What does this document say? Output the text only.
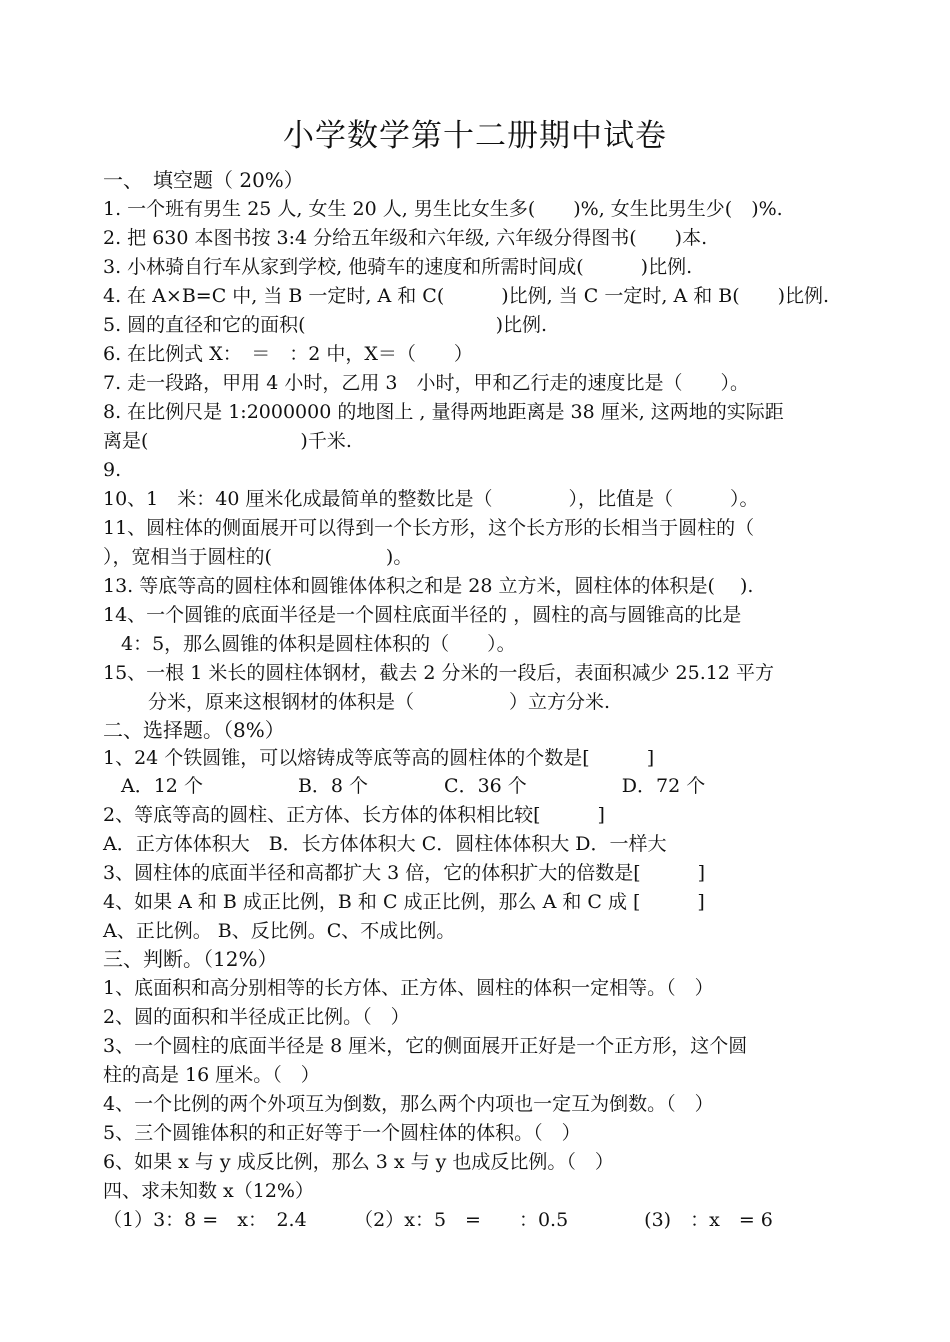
小学数学第十二册期中试卷
一、　填空题（ 20%）
1. 一个班有男生 25 人, 女生 20 人, 男生比女生多(　　)%, 女生比男生少(　)%.
2. 把 630 本图书按 3:4 分给五年级和六年级, 六年级分得图书(　　)本.
3. 小林骑自行车从家到学校, 他骑车的速度和所需时间成(　　　)比例.
4. 在 A×B=C 中, 当 B 一定时, A 和 C(　　　)比例, 当 C 一定时, A 和 B(　　)比例.
5. 圆的直径和它的面积(　　　　　　　　　　)比例.
6. 在比例式 X：　＝　：2 中，X＝（　　）
7. 走一段路，甲用 4 小时，乙用 3　小时，甲和乙行走的速度比是（　　）。
8. 在比例尺是 1:2000000 的地图上 , 量得两地距离是 38 厘米, 这两地的实际距
离是(　　　　　　　　)千米.
9.
10、1　米：40 厘米化成最简单的整数比是（　　　　），比值是（　　　）。
11、圆柱体的侧面展开可以得到一个长方形，这个长方形的长相当于圆柱的（
），宽相当于圆柱的(　　　　　　)。
13. 等底等高的圆柱体和圆锥体体积之和是 28 立方米，圆柱体的体积是(　 ).
14、一个圆锥的底面半径是一个圆柱底面半径的 ，圆柱的高与圆锥高的比是
4：5，那么圆锥的体积是圆柱体积的（　　）。
15、一根 1 米长的圆柱体钢材，截去 2 分米的一段后，表面积减少 25.12 平方
分米，原来这根钢材的体积是（　　　　　）立方分米.
二、选择题。（8%）
1、24 个铁圆锥，可以熔铸成等底等高的圆柱体的个数是[　　　]
A．12 个　　　　　B．8 个　　　　C．36 个　　　　　D．72 个
2、等底等高的圆柱、正方体、长方体的体积相比较[　　　]
A．正方体体积大　B．长方体体积大 C．圆柱体体积大 D．一样大
3、圆柱体的底面半径和高都扩大 3 倍，它的体积扩大的倍数是[　　　]
4、如果 A 和 B 成正比例，B 和 C 成正比例，那么 A 和 C 成 [　　　]
A、正比例。 B、反比例。C、不成比例。
三、判断。（12%）
1、底面积和高分别相等的长方体、正方体、圆柱的体积一定相等。（　）
2、圆的面积和半径成正比例。（　）
3、一个圆柱的底面半径是 8 厘米，它的侧面展开正好是一个正方形，这个圆
柱的高是 16 厘米。（　）
4、一个比例的两个外项互为倒数，那么两个内项也一定互为倒数。（　）
5、三个圆锥体积的和正好等于一个圆柱体的体积。（　）
6、如果 x 与 y 成反比例，那么 3 x 与 y 也成反比例。（　）
四、求未知数 x（12%）
（1）3：8 =　x：　2.4　　　（2）x：5　=　　：0.5　　　　(3)　：x　= 6
